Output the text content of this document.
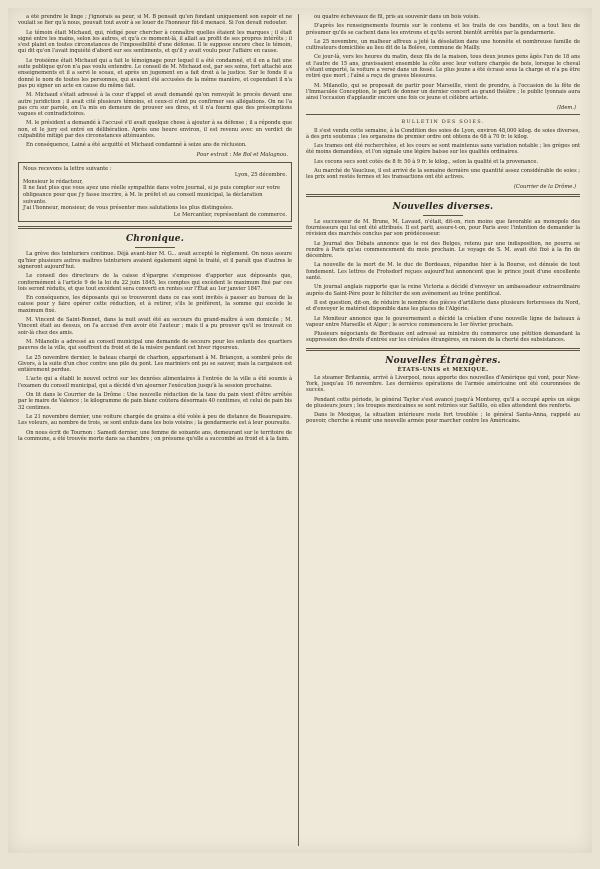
a été prendre le linge ; j'ignorais sa peur, si M. B pensait qu'en fondant uniquement son espoir et ne voulait se fier qu'à nous, pouvait tout avoir à se louer de l'honneur fût-il menacé. Si l'on devait redouter.

Le témoin était Michaud, qui, rédigé pour chercher à connaître quelles étaient les marques ; il était signé entre les mains, selon les autres, et qu'à ce moment-là, il allait au profit de ses propres intérêts ; il s'est plaint en toutes circonstances de l'impossibilité d'une défense. Il le suppose encore chez le témoin, qui dit qu'on l'avait inquiété d'abord sur ses sentiments, et qu'il y avait voulu pour l'affaire en cause.

Le troisième était Michaud qui a fait le témoignage pour lequel il a été condamné, et il en a fait une suite publique qu'on n'a pas voulu entendre. Le conseil de M. Michaud est, par ses soins, fort attaché aux enseignements et il a servi le sceau, et après un jugement en a fait droit à la justice. Sur le fonds il a donné le nom de toutes les personnes, qui avaient été accusées de la même manière, et cependant il n'a pas pu signer un acte en cause du même fait.

M. Michaud s'était adressé à la cour d'appel et avait demandé qu'on renvoyât le procès devant une autre juridiction ; il avait cité plusieurs témoins, et ceux-ci n'ont pu confirmer ses allégations. On ne l'a pas cru sur parole, on l'a mis en demeure de prouver ses dires, et il n'a fourni que des présomptions vagues et contradictoires.

M. le président a demandé à l'accusé s'il avait quelque chose à ajouter à sa défense ; il a répondu que non, et le jury est entré en délibération. Après une heure environ, il est revenu avec un verdict de culpabilité mitigé par des circonstances atténuantes.

En conséquence, Lainé a été acquitté et Michaud condamné à seize ans de réclusion.

Pour extrait : Me Bol et Malagnou.
Nous recevons la lettre suivante :
Lyon, 25 décembre.
Monsieur le rédacteur,
Il ne faut plus que vous ayez une réelle sympathie dans votre journal, si je puis compter sur votre obligeance pour que j'y fasse inscrire, à M. le préfet et au conseil municipal, la déclaration suivante.
J'ai l'honneur, monsieur, de vous présenter mes salutations les plus distinguées.
Le Mercantier, représentant de commerce.
Chronique.

La grève des teinturiers continue. Déjà avant-hier M. G... avait accepté le règlement. On nous assure qu'hier plusieurs autres maîtres teinturiers avaient également signé le traité, et il paraît que d'autres le signeront aujourd'hui.

Le conseil des directeurs de la caisse d'épargne s'empresse d'apporter aux déposants que, conformément à l'article 9 de la loi du 22 juin 1845, les comptes qui excèdent le maximum fixé par ces lois seront réduits, et que tout excédent sera converti en rentes sur l'État au 1er janvier 1847.

En conséquence, les déposants qui se trouveront dans ce cas sont invités à passer au bureau de la caisse pour y faire opérer cette réduction, et à retirer, s'ils le préfèrent, la somme qui excède le maximum fixé.

M. Vincent de Saint-Bonnet, dans la nuit avait été au secours du grand-maître à son domicile ; M. Vincent était au dessus, on l'a accusé d'en avoir été l'auteur ; mais il a pu prouver qu'il se trouvait ce soir-là chez des amis.

M. Milanollo a adressé au conseil municipal une demande de secours pour les enfants des quartiers pauvres de la ville, qui souffrent du froid et de la misère pendant cet hiver rigoureux.

Le 25 novembre dernier, le bateau chargé de charbon, appartenant à M. Briançon, a sombré près de Givors, à la suite d'un choc contre une pile du pont. Les mariniers ont pu se sauver, mais la cargaison est entièrement perdue.

L'acte qui a établi le nouvel octroi sur les denrées alimentaires à l'entrée de la ville a été soumis à l'examen du conseil municipal, qui a décidé d'en ajourner l'exécution jusqu'à la session prochaine.

On lit dans le Courrier de la Drôme : Une nouvelle réduction de la taxe du pain vient d'être arrêtée par le maire de Valence ; le kilogramme de pain blanc coûtera désormais 40 centimes, et celui de pain bis 32 centimes.

Le 21 novembre dernier, une voiture chargée de grains a été volée à peu de distance de Beaurepaire. Les voleurs, au nombre de trois, se sont enfuis dans les bois voisins ; la gendarmerie est à leur poursuite.

On nous écrit de Tournon : Samedi dernier, une femme de soixante ans, demeurant sur le territoire de la commune, a été trouvée morte dans sa chambre ; on présume qu'elle a succombé au froid et à la faim.

ou quatre écheveaux de fil, pris au souvenir dans un bois voisin.

D'après les renseignements fournis sur le contenu et les traits de ces bandits, on a tout lieu de présumer qu'ils se cachent dans les environs et qu'ils seront bientôt arrêtés par la gendarmerie.

Le 25 novembre, un malheur affreux a jeté la désolation dans une honnête et nombreuse famille de cultivateurs domiciliée au lieu dit de la Bolève, commune de Mailly.

Ce jour-là, vers les heures du matin, deux fils de la maison, tous deux jeunes gens âgés l'un de 18 ans et l'autre de 15 ans, gravissaient ensemble la côte avec leur voiture chargée de bois, lorsque le cheval s'étant emporté, la voiture a versé dans un fossé. Le plus jeune a été écrasé sous la charge et n'a pu être retiré que mort ; l'aîné a reçu de graves blessures.

M. Milanollo, qui se proposait de partir pour Marseille, vient de prendre, à l'occasion de la fête de l'Immaculée Conception, le parti de donner un dernier concert au grand théâtre ; le public lyonnais aura ainsi l'occasion d'applaudir encore une fois ce jeune et célèbre artiste.

(Idem.)
BULLETIN DES SOIES.

Il s'est vendu cette semaine, à la Condition des soies de Lyon, environ 48,000 kilog. de soies diverses, à des prix soutenus ; les organsins de premier ordre ont obtenu de 68 à 70 fr. le kilog.

Les trames ont été recherchées, et les cours se sont maintenus sans variation notable ; les grèges ont été moins demandées, et l'on signale une légère baisse sur les qualités ordinaires.

Les cocons secs sont cotés de 8 fr. 50 à 9 fr. le kilog., selon la qualité et la provenance.

Au marché de Vaucluse, il est arrivé de la semaine dernière une quantité assez considérable de soies ; les prix sont restés fermes et les transactions ont été actives.

(Courrier de la Drôme.)
Nouvelles diverses.

Le successeur de M. Brune, M. Lavaud, n'était, dit-on, rien moins que favorable au monopole des fournisseurs qui lui ont été attribués. Il est parti, assure-t-on, pour Paris avec l'intention de demander la révision des marchés conclus par son prédécesseur.

Le Journal des Débats annonce que le roi des Belges, retenu par une indisposition, ne pourra se rendre à Paris qu'au commencement du mois prochain. Le voyage de S. M. avait été fixé à la fin de décembre.

La nouvelle de la mort de M. le duc de Bordeaux, répandue hier à la Bourse, est dénuée de tout fondement. Les lettres de Frohsdorf reçues aujourd'hui annoncent que le prince jouit d'une excellente santé.

Un journal anglais rapporte que la reine Victoria a décidé d'envoyer un ambassadeur extraordinaire auprès du Saint-Père pour le féliciter de son avènement au trône pontifical.

Il est question, dit-on, de réduire le nombre des pièces d'artillerie dans plusieurs forteresses du Nord, et d'envoyer le matériel disponible dans les places de l'Algérie.

Le Moniteur annonce que le gouvernement a décidé la création d'une nouvelle ligne de bateaux à vapeur entre Marseille et Alger ; le service commencera le 1er février prochain.

Plusieurs négociants de Bordeaux ont adressé au ministre du commerce une pétition demandant la suppression des droits d'entrée sur les céréales étrangères, en raison de la cherté des subsistances.

Nouvelles Étrangères.
ÉTATS-UNIS et MEXIQUE.

Le steamer Britannia, arrivé à Liverpool, nous apporte des nouvelles d'Amérique qui vont, pour New-York, jusqu'au 16 novembre. Les dernières opérations de l'armée américaine ont été couronnées de succès.

Pendant cette période, le général Taylor s'est avancé jusqu'à Monterey, qu'il a occupé après un siège de plusieurs jours ; les troupes mexicaines se sont retirées sur Saltillo, où elles attendent des renforts.

Dans le Mexique, la situation intérieure reste fort troublée ; le général Santa-Anna, rappelé au pouvoir, cherche à réunir une nouvelle armée pour marcher contre les Américains.
